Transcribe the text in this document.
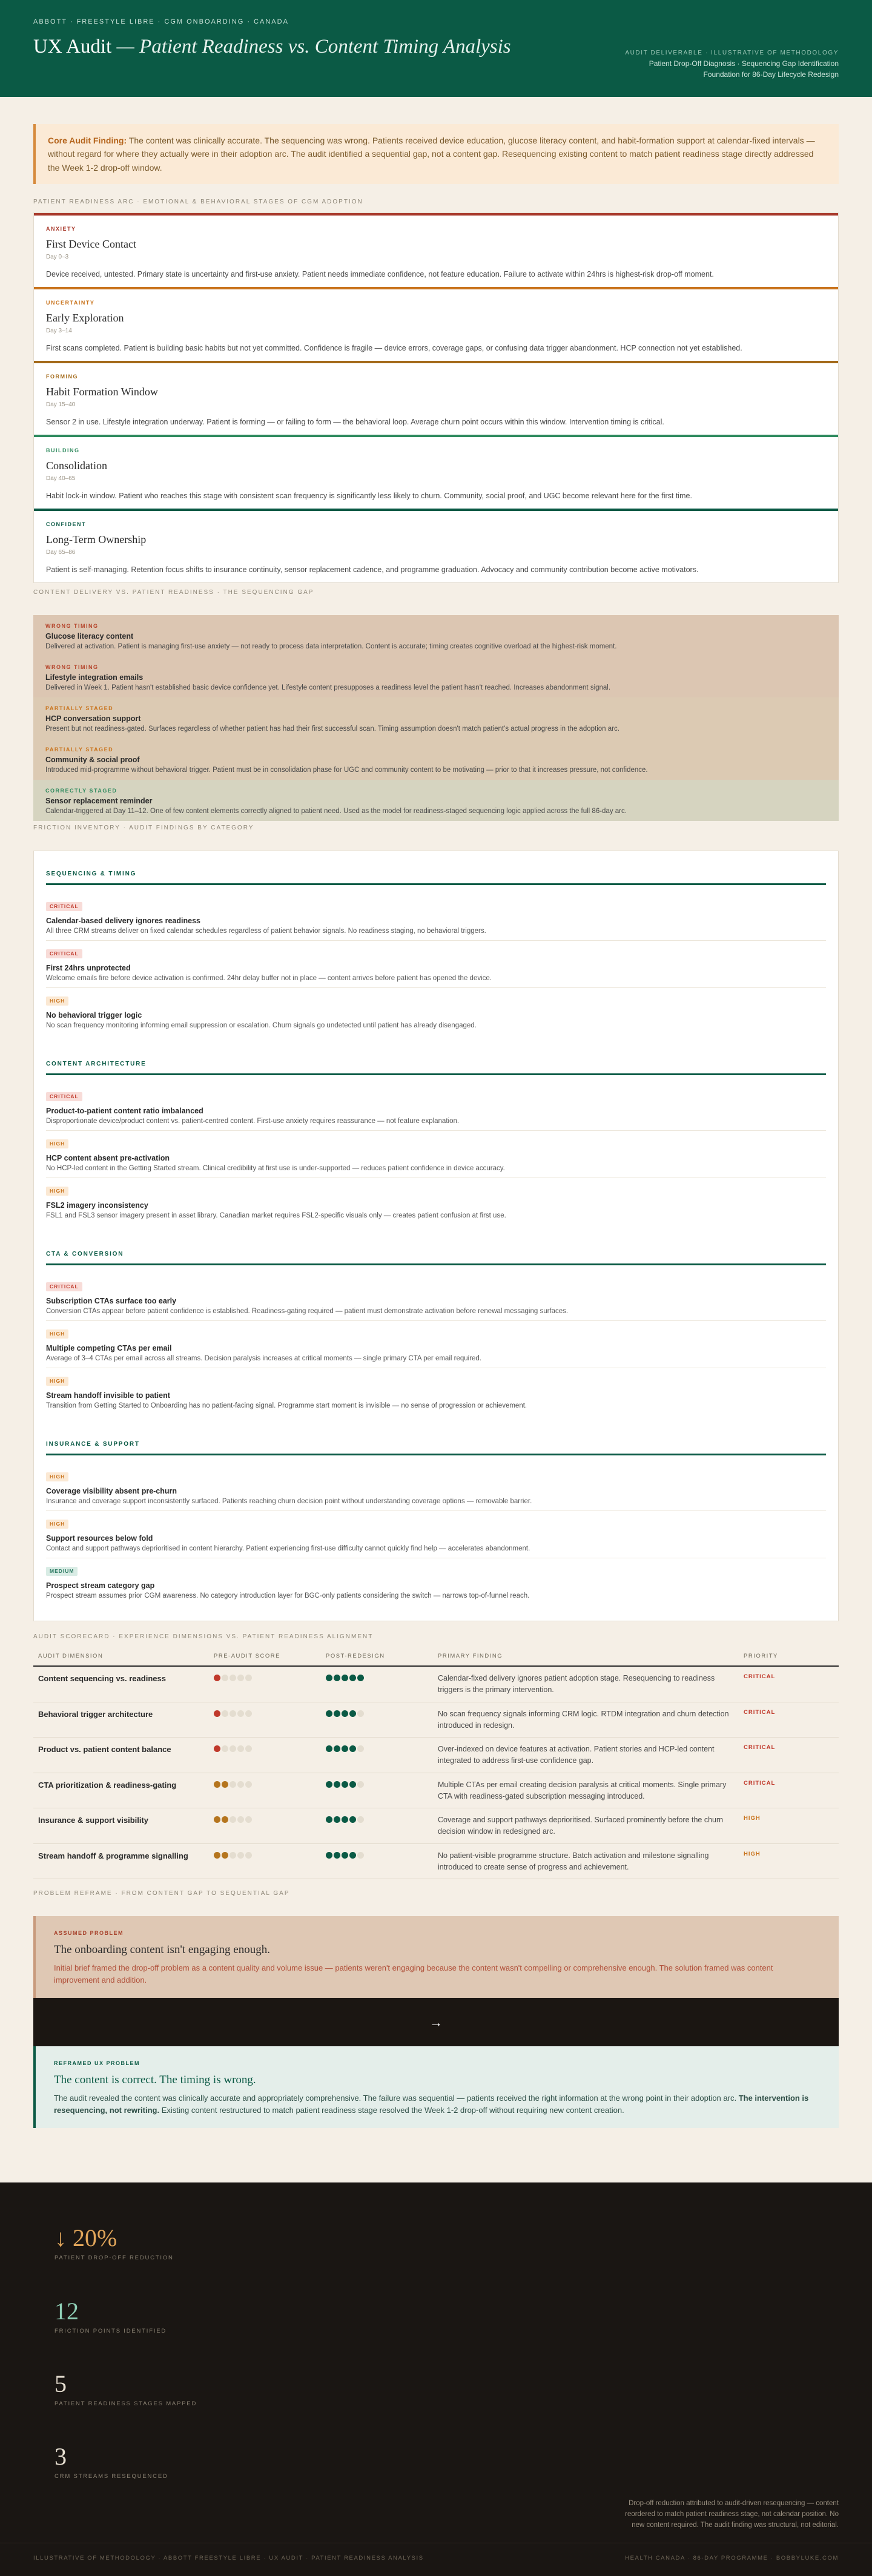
ABBOTT · FREESTYLE LIBRE · CGM ONBOARDING · CANADA
UX Audit — Patient Readiness vs. Content Timing Analysis	AUDIT DELIVERABLE · ILLUSTRATIVE OF METHODOLOGY
Patient Drop-Off Diagnosis · Sequencing Gap Identification
Foundation for 86-Day Lifecycle Redesign
Core Audit Finding: The content was clinically accurate. The sequencing was wrong. Patients received device education, glucose literacy content, and habit-formation support at calendar-fixed intervals — without regard for where they actually were in their adoption arc. The audit identified a sequential gap, not a content gap. Resequencing existing content to match patient readiness stage directly addressed the Week 1-2 drop-off window.
PATIENT READINESS ARC · EMOTIONAL & BEHAVIORAL STAGES OF CGM ADOPTION
ANXIETY
First Device Contact
Day 0–3
Device received, untested. Primary state is uncertainty and first-use anxiety. Patient needs immediate confidence, not feature education. Failure to activate within 24hrs is highest-risk drop-off moment.
UNCERTAINTY
Early Exploration
Day 3–14
First scans completed. Patient is building basic habits but not yet committed. Confidence is fragile — device errors, coverage gaps, or confusing data trigger abandonment. HCP connection not yet established.
FORMING
Habit Formation Window
Day 15–40
Sensor 2 in use. Lifestyle integration underway. Patient is forming — or failing to form — the behavioral loop. Average churn point occurs within this window. Intervention timing is critical.
BUILDING
Consolidation
Day 40–65
Habit lock-in window. Patient who reaches this stage with consistent scan frequency is significantly less likely to churn. Community, social proof, and UGC become relevant here for the first time.
CONFIDENT
Long-Term Ownership
Day 65–86
Patient is self-managing. Retention focus shifts to insurance continuity, sensor replacement cadence, and programme graduation. Advocacy and community contribution become active motivators.
CONTENT DELIVERY VS. PATIENT READINESS · THE SEQUENCING GAP
WRONG TIMING
Glucose literacy content
Delivered at activation. Patient is managing first-use anxiety — not ready to process data interpretation. Content is accurate; timing creates cognitive overload at the highest-risk moment.
WRONG TIMING
Lifestyle integration emails
Delivered in Week 1. Patient hasn't established basic device confidence yet. Lifestyle content presupposes a readiness level the patient hasn't reached. Increases abandonment signal.
PARTIALLY STAGED
HCP conversation support
Present but not readiness-gated. Surfaces regardless of whether patient has had their first successful scan. Timing assumption doesn't match patient's actual progress in the adoption arc.
PARTIALLY STAGED
Community & social proof
Introduced mid-programme without behavioral trigger. Patient must be in consolidation phase for UGC and community content to be motivating — prior to that it increases pressure, not confidence.
CORRECTLY STAGED
Sensor replacement reminder
Calendar-triggered at Day 11–12. One of few content elements correctly aligned to patient need. Used as the model for readiness-staged sequencing logic applied across the full 86-day arc.
FRICTION INVENTORY · AUDIT FINDINGS BY CATEGORY
SEQUENCING & TIMING
CRITICAL
Calendar-based delivery ignores readiness
All three CRM streams deliver on fixed calendar schedules regardless of patient behavior signals. No readiness staging, no behavioral triggers.
CRITICAL
First 24hrs unprotected
Welcome emails fire before device activation is confirmed. 24hr delay buffer not in place — content arrives before patient has opened the device.
HIGH
No behavioral trigger logic
No scan frequency monitoring informing email suppression or escalation. Churn signals go undetected until patient has already disengaged.
CONTENT ARCHITECTURE
CRITICAL
Product-to-patient content ratio imbalanced
Disproportionate device/product content vs. patient-centred content. First-use anxiety requires reassurance — not feature explanation.
HIGH
HCP content absent pre-activation
No HCP-led content in the Getting Started stream. Clinical credibility at first use is under-supported — reduces patient confidence in device accuracy.
HIGH
FSL2 imagery inconsistency
FSL1 and FSL3 sensor imagery present in asset library. Canadian market requires FSL2-specific visuals only — creates patient confusion at first use.
CTA & CONVERSION
CRITICAL
Subscription CTAs surface too early
Conversion CTAs appear before patient confidence is established. Readiness-gating required — patient must demonstrate activation before renewal messaging surfaces.
HIGH
Multiple competing CTAs per email
Average of 3–4 CTAs per email across all streams. Decision paralysis increases at critical moments — single primary CTA per email required.
HIGH
Stream handoff invisible to patient
Transition from Getting Started to Onboarding has no patient-facing signal. Programme start moment is invisible — no sense of progression or achievement.
INSURANCE & SUPPORT
HIGH
Coverage visibility absent pre-churn
Insurance and coverage support inconsistently surfaced. Patients reaching churn decision point without understanding coverage options — removable barrier.
HIGH
Support resources below fold
Contact and support pathways deprioritised in content hierarchy. Patient experiencing first-use difficulty cannot quickly find help — accelerates abandonment.
MEDIUM
Prospect stream category gap
Prospect stream assumes prior CGM awareness. No category introduction layer for BGC-only patients considering the switch — narrows top-of-funnel reach.
AUDIT SCORECARD · EXPERIENCE DIMENSIONS VS. PATIENT READINESS ALIGNMENT
AUDIT DIMENSION	PRE-AUDIT SCORE	POST-REDESIGN	PRIMARY FINDING	PRIORITY
Content sequencing vs. readiness			Calendar-fixed delivery ignores patient adoption stage. Resequencing to readiness triggers is the primary intervention.	CRITICAL
Behavioral trigger architecture			No scan frequency signals informing CRM logic. RTDM integration and churn detection introduced in redesign.	CRITICAL
Product vs. patient content balance			Over-indexed on device features at activation. Patient stories and HCP-led content integrated to address first-use confidence gap.	CRITICAL
CTA prioritization & readiness-gating			Multiple CTAs per email creating decision paralysis at critical moments. Single primary CTA with readiness-gated subscription messaging introduced.	CRITICAL
Insurance & support visibility			Coverage and support pathways deprioritised. Surfaced prominently before the churn decision window in redesigned arc.	HIGH
Stream handoff & programme signalling			No patient-visible programme structure. Batch activation and milestone signalling introduced to create sense of progress and achievement.	HIGH
PROBLEM REFRAME · FROM CONTENT GAP TO SEQUENTIAL GAP
ASSUMED PROBLEM
The onboarding content isn't engaging enough.
Initial brief framed the drop-off problem as a content quality and volume issue — patients weren't engaging because the content wasn't compelling or comprehensive enough. The solution framed was content improvement and addition.
→
REFRAMED UX PROBLEM
The content is correct. The timing is wrong.
The audit revealed the content was clinically accurate and appropriately comprehensive. The failure was sequential — patients received the right information at the wrong point in their adoption arc. The intervention is resequencing, not rewriting. Existing content restructured to match patient readiness stage resolved the Week 1-2 drop-off without requiring new content creation.
↓ 20%
PATIENT DROP-OFF REDUCTION
12
FRICTION POINTS IDENTIFIED
5
PATIENT READINESS STAGES MAPPED
3
CRM STREAMS RESEQUENCED
Drop-off reduction attributed to audit-driven resequencing — content reordered to match patient readiness stage, not calendar position. No new content required. The audit finding was structural, not editorial.
ILLUSTRATIVE OF METHODOLOGY · ABBOTT FREESTYLE LIBRE · UX AUDIT · PATIENT READINESS ANALYSIS	HEALTH CANADA · 86-DAY PROGRAMME · BOBBYLUKE.COM
